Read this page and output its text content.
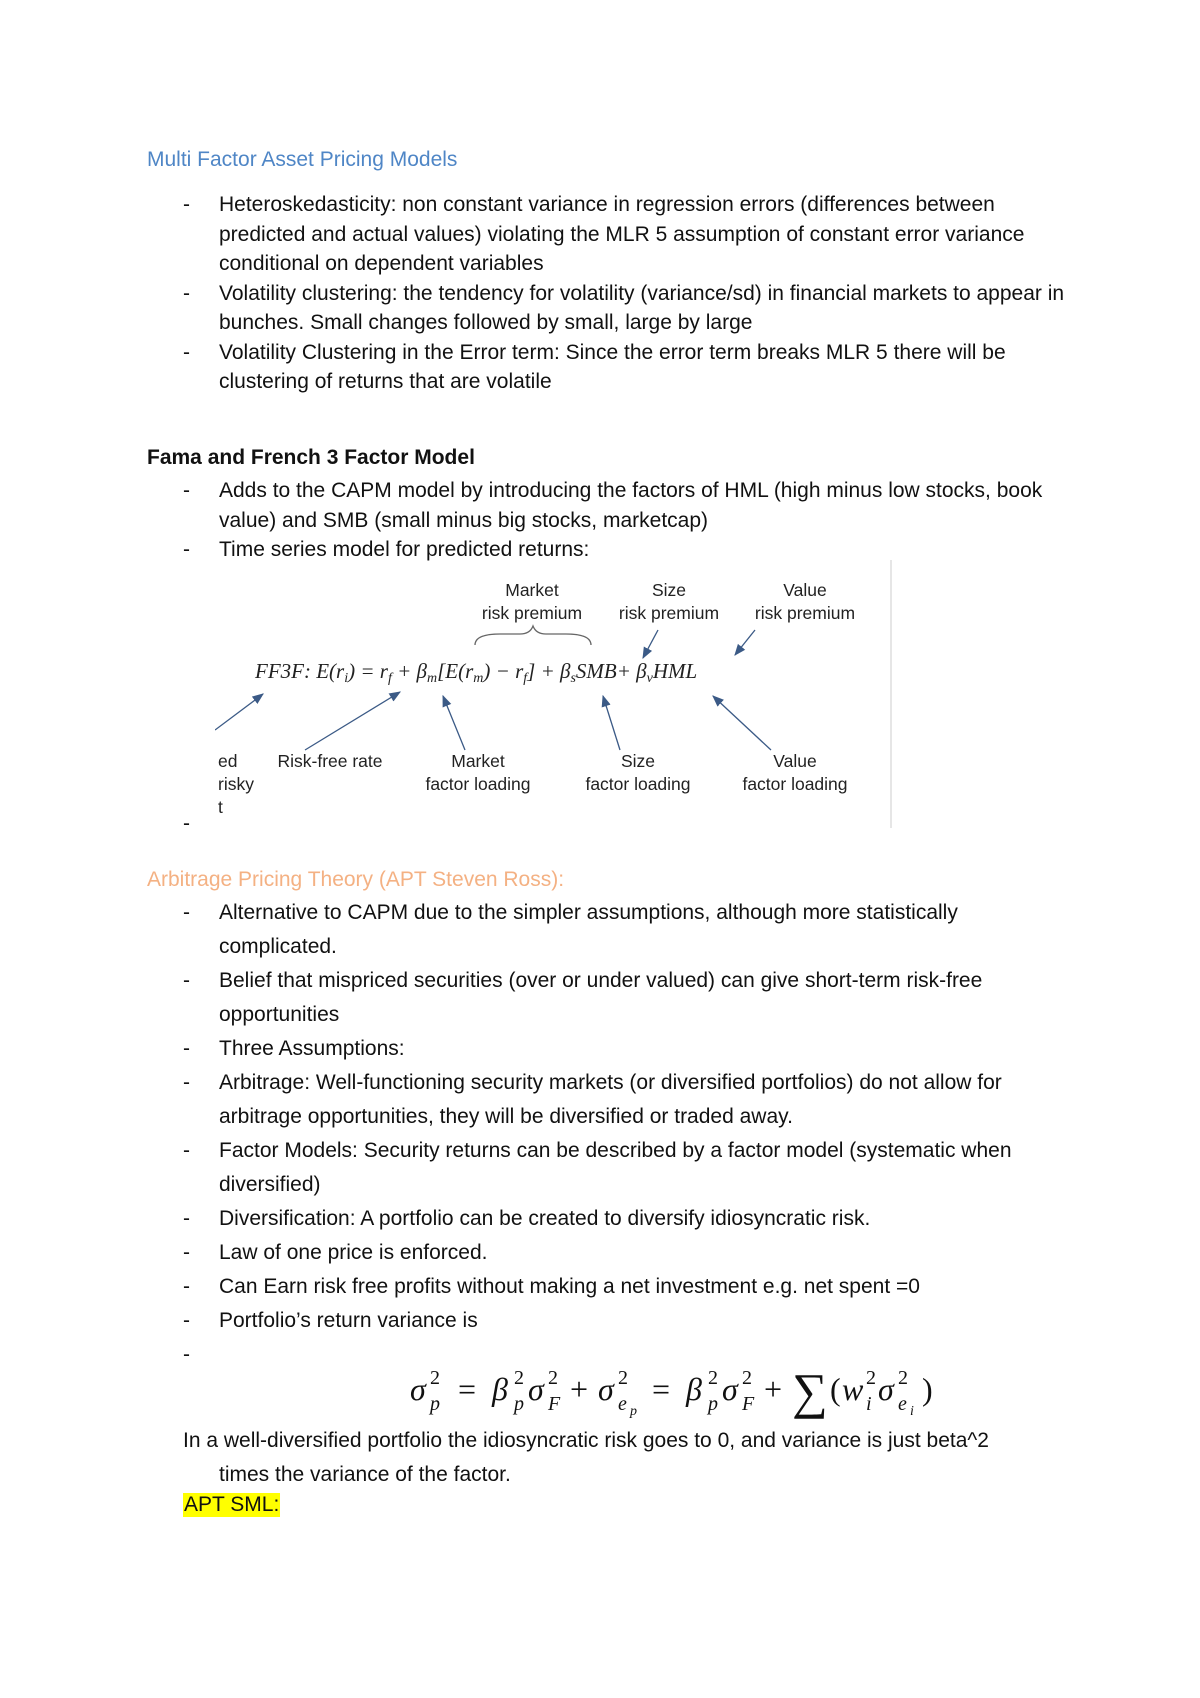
Multi Factor Asset Pricing Models
- Heteroskedasticity: non constant variance in regression errors (differences between predicted and actual values) violating the MLR 5 assumption of constant error variance conditional on dependent variables
- Volatility clustering: the tendency for volatility (variance/sd) in financial markets to appear in bunches. Small changes followed by small, large by large
- Volatility Clustering in the Error term: Since the error term breaks MLR 5 there will be clustering of returns that are volatile
Fama and French 3 Factor Model
- Adds to the CAPM model by introducing the factors of HML (high minus low stocks, book value) and SMB (small minus big stocks, marketcap)
- Time series model for predicted returns:
Market
risk premium
Size
risk premium
Value
risk premium
FF3F: E(ri) = rf + βm[E(rm) − rf] + βsSMB+ βvHML
ed
risky
t
Risk-free rate	Market
factor loading
Size
factor loading
Value
factor loading
-
Arbitrage Pricing Theory (APT Steven Ross):
- Alternative to CAPM due to the simpler assumptions, although more statistically complicated.
- Belief that mispriced securities (over or under valued) can give short-term risk-free opportunities
- Three Assumptions:
- Arbitrage: Well-functioning security markets (or diversified portfolios) do not allow for arbitrage opportunities, they will be diversified or traded away.
- Factor Models: Security returns can be described by a factor model (systematic when diversified)
- Diversification: A portfolio can be created to diversify idiosyncratic risk.
- Law of one price is enforced.
- Can Earn risk free profits without making a net investment e.g. net spent =0
- Portfolio’s return variance is
-

σ 2
p = β 2
p σ 2
F + σ 2
e p
= β 2
p σ 2
F + ∑ ( w 2
i σ 2
e i
)
In a well-diversified portfolio the idiosyncratic risk goes to 0, and variance is just beta^2
times the variance of the factor.
APT SML:
